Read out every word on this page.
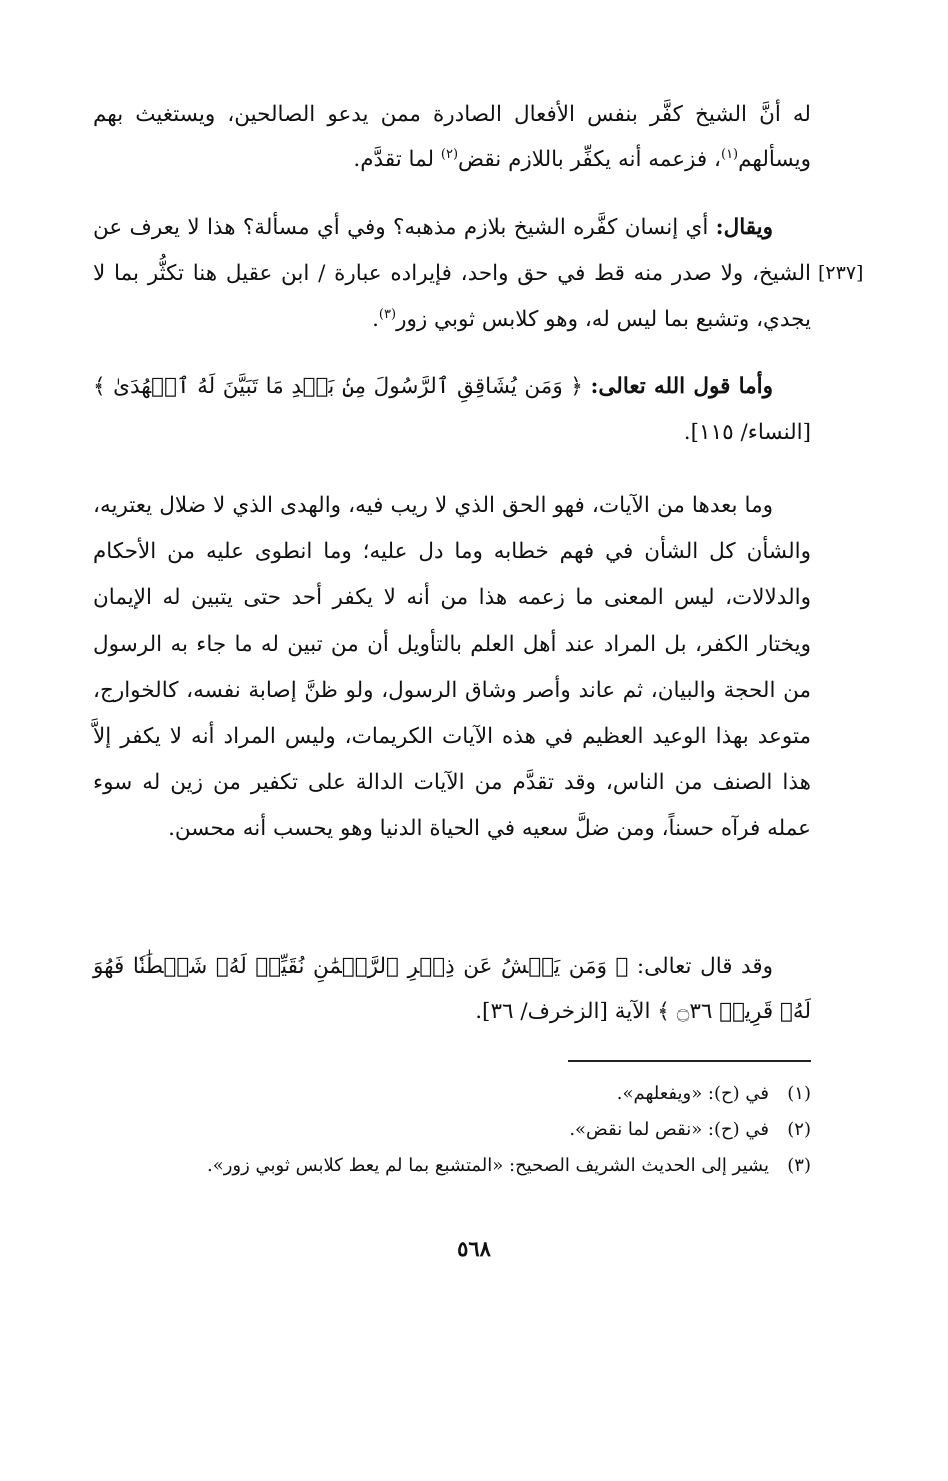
له أنَّ الشيخ كفَّر بنفس الأفعال الصادرة ممن يدعو الصالحين، ويستغيث بهم ويسألهم$^{(١)}$، فزعمه أنه يكفِّر باللازم نقض$^{(٢)}$ لما تقدَّم.
ويقال: أي إنسان كفَّره الشيخ بلازم مذهبه؟ وفي أي مسألة؟ هذا لا يعرف عن الشيخ، ولا صدر منه قط في حق واحد، فإيراده عبارة / ابن عقيل هنا تكثُّر بما لا يجدي، وتشبع بما ليس له، وهو كلابس ثوبي زور$^{(٣)}$.
[٢٣٧]
وأما قول الله تعالى: ﴿ وَمَن يُشَاقِقِ ٱلرَّسُولَ مِنۢ بَعۡدِ مَا تَبَيَّنَ لَهُ ٱلۡهُدَىٰ ﴾ [النساء/ ١١٥].
وما بعدها من الآيات، فهو الحق الذي لا ريب فيه، والهدى الذي لا ضلال يعتريه، والشأن كل الشأن في فهم خطابه وما دل عليه؛ وما انطوى عليه من الأحكام والدلالات، ليس المعنى ما زعمه هذا من أنه لا يكفر أحد حتى يتبين له الإيمان ويختار الكفر، بل المراد عند أهل العلم بالتأويل أن من تبين له ما جاء به الرسول من الحجة والبيان، ثم عاند وأصر وشاق الرسول، ولو ظنَّ إصابة نفسه، كالخوارج، متوعد بهذا الوعيد العظيم في هذه الآيات الكريمات، وليس المراد أنه لا يكفر إلاَّ هذا الصنف من الناس، وقد تقدَّم من الآيات الدالة على تكفير من زين له سوء عمله فرآه حسناً، ومن ضلَّ سعيه في الحياة الدنيا وهو يحسب أنه محسن.
وقد قال تعالى: ﴿ وَمَن يَعۡشُ عَن ذِكۡرِ ٱلرَّحۡمَٰنِ نُقَيِّضۡ لَهُۥ شَيۡطَٰنٗا فَهُوَ لَهُۥ قَرِينٞ ۝٣٦ ﴾ الآية [الزخرف/ ٣٦].
(١)في (ح): «ويفعلهم».
(٢)في (ح): «نقص لما نقض».
(٣)يشير إلى الحديث الشريف الصحيح: «المتشبع بما لم يعط كلابس ثوبي زور».
٥٦٨
